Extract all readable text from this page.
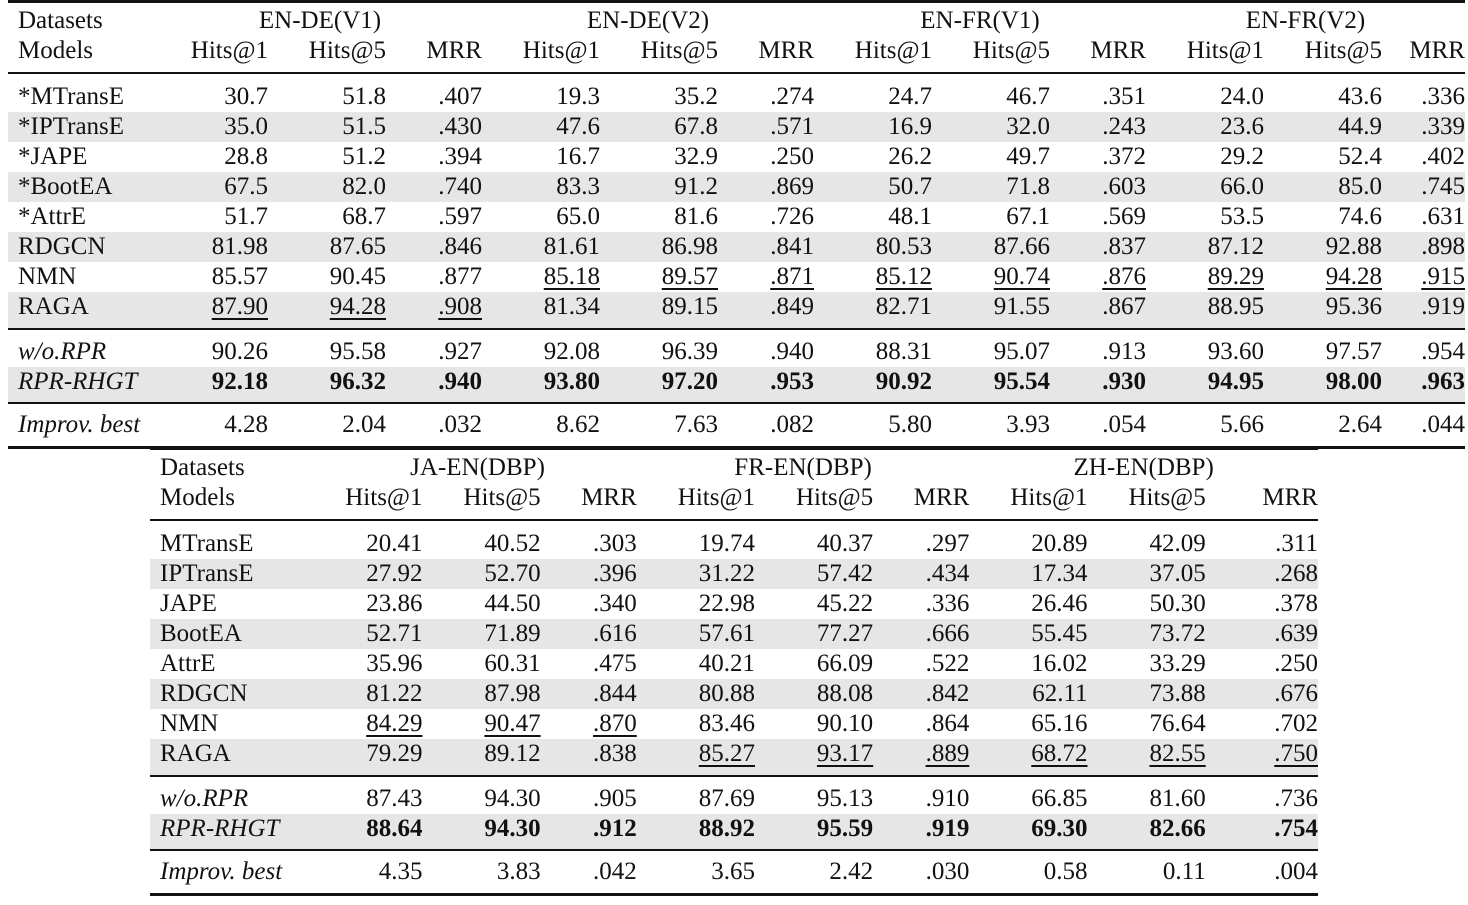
Datasets	EN-DE(V1)			EN-DE(V2)			EN-FR(V1)			EN-FR(V2)		
Models	Hits@1	Hits@5	MRR	Hits@1	Hits@5	MRR	Hits@1	Hits@5	MRR	Hits@1	Hits@5	MRR
*MTransE	30.7	51.8	.407	19.3	35.2	.274	24.7	46.7	.351	24.0	43.6	.336
*IPTransE	35.0	51.5	.430	47.6	67.8	.571	16.9	32.0	.243	23.6	44.9	.339
*JAPE	28.8	51.2	.394	16.7	32.9	.250	26.2	49.7	.372	29.2	52.4	.402
*BootEA	67.5	82.0	.740	83.3	91.2	.869	50.7	71.8	.603	66.0	85.0	.745
*AttrE	51.7	68.7	.597	65.0	81.6	.726	48.1	67.1	.569	53.5	74.6	.631
RDGCN	81.98	87.65	.846	81.61	86.98	.841	80.53	87.66	.837	87.12	92.88	.898
NMN	85.57	90.45	.877	85.18	89.57	.871	85.12	90.74	.876	89.29	94.28	.915
RAGA	87.90	94.28	.908	81.34	89.15	.849	82.71	91.55	.867	88.95	95.36	.919
w/o.RPR	90.26	95.58	.927	92.08	96.39	.940	88.31	95.07	.913	93.60	97.57	.954
RPR-RHGT	92.18	96.32	.940	93.80	97.20	.953	90.92	95.54	.930	94.95	98.00	.963
Improv. best	4.28	2.04	.032	8.62	7.63	.082	5.80	3.93	.054	5.66	2.64	.044
Datasets	JA-EN(DBP)			FR-EN(DBP)			ZH-EN(DBP)		
Models	Hits@1	Hits@5	MRR	Hits@1	Hits@5	MRR	Hits@1	Hits@5	MRR
MTransE	20.41	40.52	.303	19.74	40.37	.297	20.89	42.09	.311
IPTransE	27.92	52.70	.396	31.22	57.42	.434	17.34	37.05	.268
JAPE	23.86	44.50	.340	22.98	45.22	.336	26.46	50.30	.378
BootEA	52.71	71.89	.616	57.61	77.27	.666	55.45	73.72	.639
AttrE	35.96	60.31	.475	40.21	66.09	.522	16.02	33.29	.250
RDGCN	81.22	87.98	.844	80.88	88.08	.842	62.11	73.88	.676
NMN	84.29	90.47	.870	83.46	90.10	.864	65.16	76.64	.702
RAGA	79.29	89.12	.838	85.27	93.17	.889	68.72	82.55	.750
w/o.RPR	87.43	94.30	.905	87.69	95.13	.910	66.85	81.60	.736
RPR-RHGT	88.64	94.30	.912	88.92	95.59	.919	69.30	82.66	.754
Improv. best	4.35	3.83	.042	3.65	2.42	.030	0.58	0.11	.004
